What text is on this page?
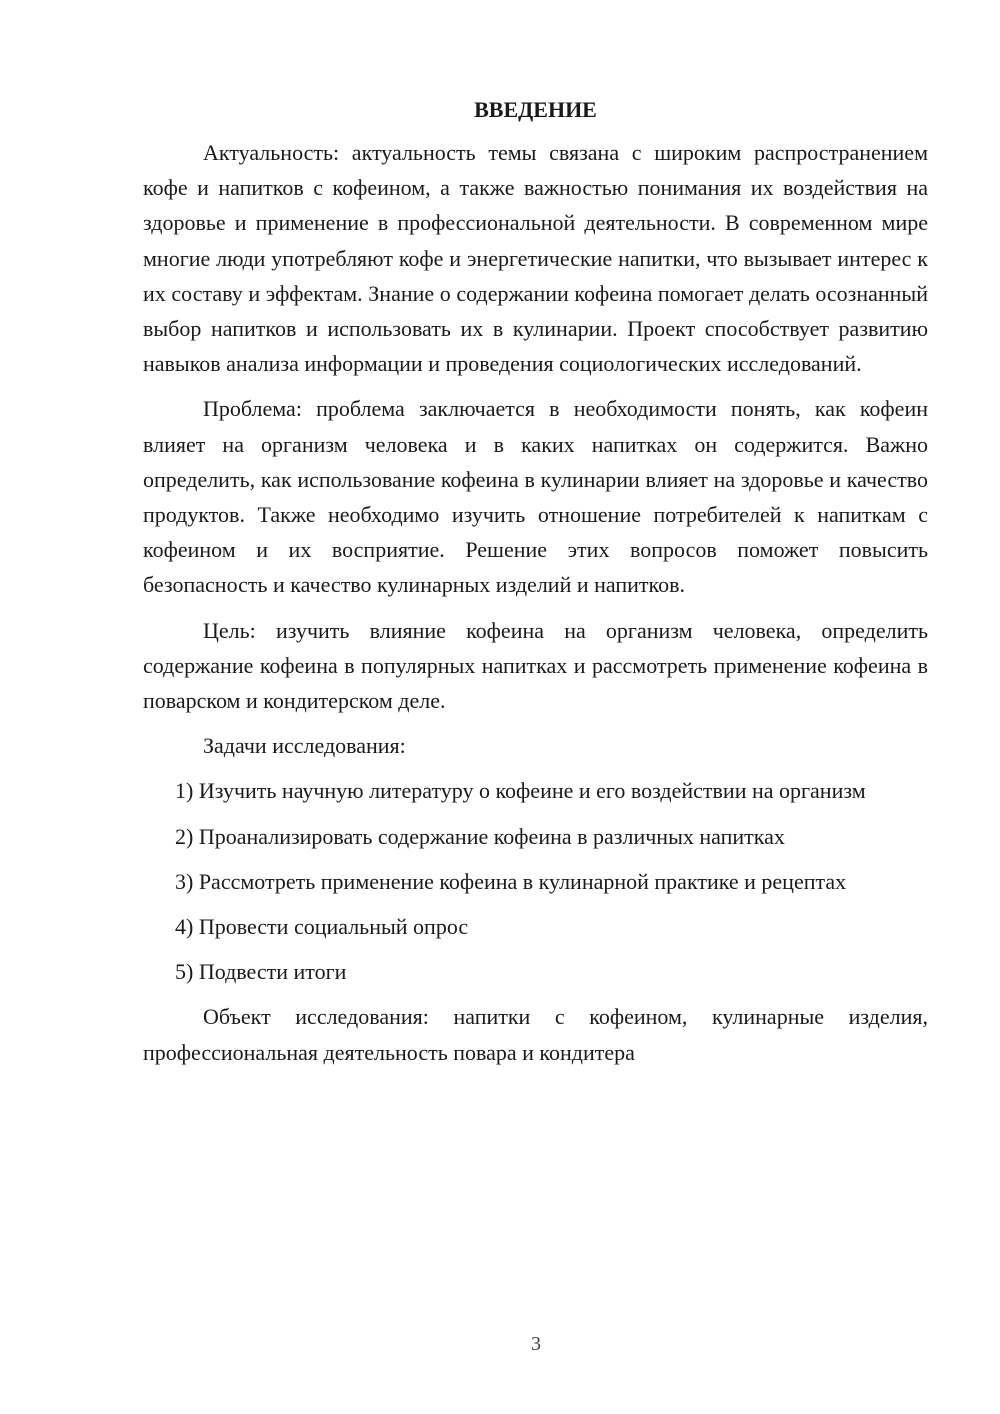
ВВЕДЕНИЕ

Актуальность: актуальность темы связана с широким распространением кофе и напитков с кофеином, а также важностью понимания их воздействия на здоровье и применение в профессиональной деятельности. В современном мире многие люди употребляют кофе и энергетические напитки, что вызывает интерес к их составу и эффектам. Знание о содержании кофеина помогает делать осознанный выбор напитков и использовать их в кулинарии. Проект способствует развитию навыков анализа информации и проведения социологических исследований.

Проблема: проблема заключается в необходимости понять, как кофеин влияет на организм человека и в каких напитках он содержится. Важно определить, как использование кофеина в кулинарии влияет на здоровье и качество продуктов. Также необходимо изучить отношение потребителей к напиткам с кофеином и их восприятие. Решение этих вопросов поможет повысить безопасность и качество кулинарных изделий и напитков.

Цель: изучить влияние кофеина на организм человека, определить содержание кофеина в популярных напитках и рассмотреть применение кофеина в поварском и кондитерском деле.

Задачи исследования:

1) Изучить научную литературу о кофеине и его воздействии на организм

2) Проанализировать содержание кофеина в различных напитках

3) Рассмотреть применение кофеина в кулинарной практике и рецептах

4) Провести социальный опрос

5) Подвести итоги

Объект исследования: напитки с кофеином, кулинарные изделия, профессиональная деятельность повара и кондитера

3
